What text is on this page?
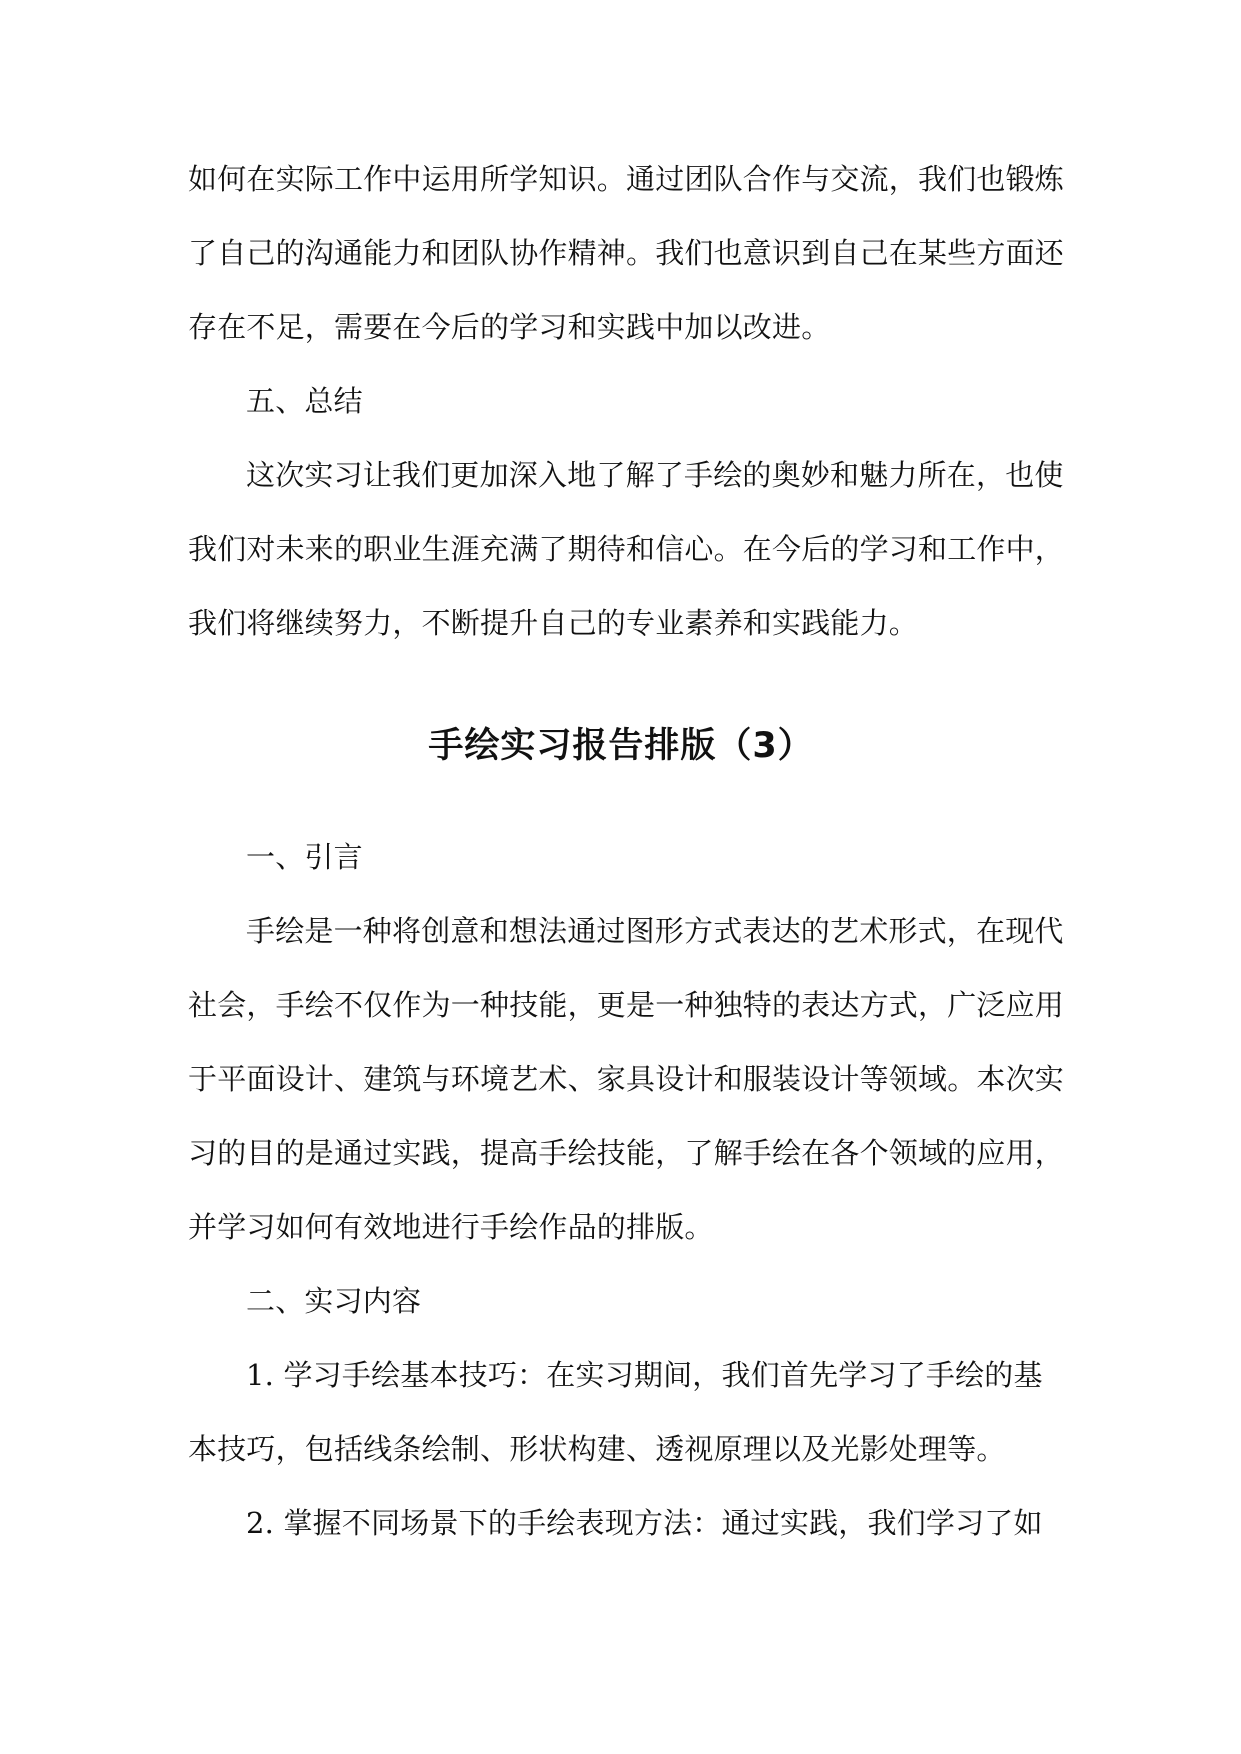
如何在实际工作中运用所学知识。通过团队合作与交流，我们也锻炼
了自己的沟通能力和团队协作精神。我们也意识到自己在某些方面还
存在不足，需要在今后的学习和实践中加以改进。
五、总结
这次实习让我们更加深入地了解了手绘的奥妙和魅力所在，也使
我们对未来的职业生涯充满了期待和信心。在今后的学习和工作中，
我们将继续努力，不断提升自己的专业素养和实践能力。
手绘实习报告排版（3）
一、引言
手绘是一种将创意和想法通过图形方式表达的艺术形式，在现代
社会，手绘不仅作为一种技能，更是一种独特的表达方式，广泛应用
于平面设计、建筑与环境艺术、家具设计和服装设计等领域。本次实
习的目的是通过实践，提高手绘技能，了解手绘在各个领域的应用，
并学习如何有效地进行手绘作品的排版。
二、实习内容
1. 学习手绘基本技巧：在实习期间，我们首先学习了手绘的基
本技巧，包括线条绘制、形状构建、透视原理以及光影处理等。
2. 掌握不同场景下的手绘表现方法：通过实践，我们学习了如
